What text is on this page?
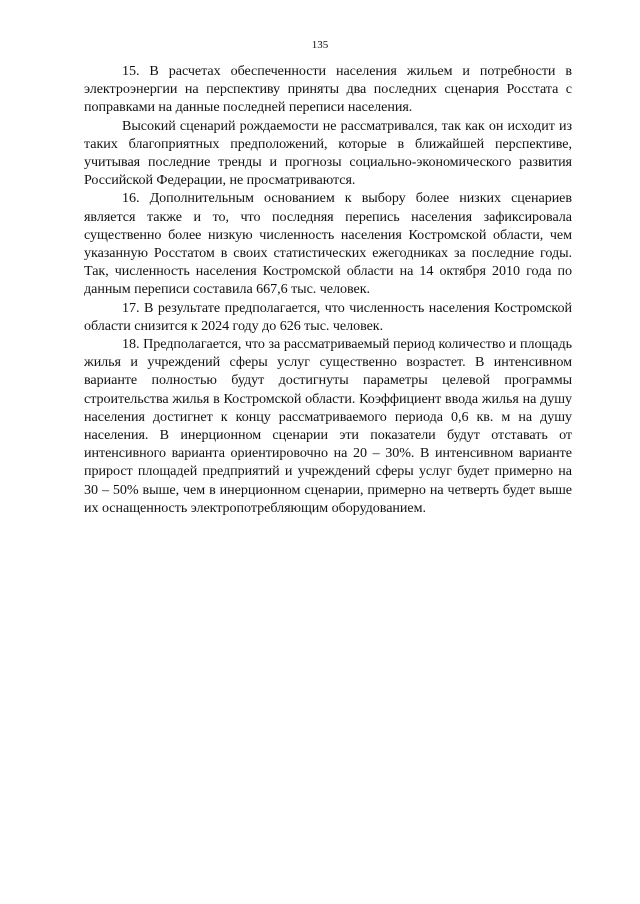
135

15. В расчетах обеспеченности населения жильем и потребности в электроэнергии на перспективу приняты два последних сценария Росстата с поправками на данные последней переписи населения.

Высокий сценарий рождаемости не рассматривался, так как он исходит из таких благоприятных предположений, которые в ближайшей перспективе, учитывая последние тренды и прогнозы социально-экономического развития Российской Федерации, не просматриваются.

16. Дополнительным основанием к выбору более низких сценариев является также и то, что последняя перепись населения зафиксировала существенно более низкую численность населения Костромской области, чем указанную Росстатом в своих статистических ежегодниках за последние годы. Так, численность населения Костромской области на 14 октября 2010 года по данным переписи составила 667,6 тыс. человек.

17. В результате предполагается, что численность населения Костромской области снизится к 2024 году до 626 тыс. человек.

18. Предполагается, что за рассматриваемый период количество и площадь жилья и учреждений сферы услуг существенно возрастет. В интенсивном варианте полностью будут достигнуты параметры целевой программы строительства жилья в Костромской области. Коэффициент ввода жилья на душу населения достигнет к концу рассматриваемого периода 0,6 кв. м на душу населения. В инерционном сценарии эти показатели будут отставать от интенсивного варианта ориентировочно на 20 – 30%. В интенсивном варианте прирост площадей предприятий и учреждений сферы услуг будет примерно на 30 – 50% выше, чем в инерционном сценарии, примерно на четверть будет выше их оснащенность электропотребляющим оборудованием.
